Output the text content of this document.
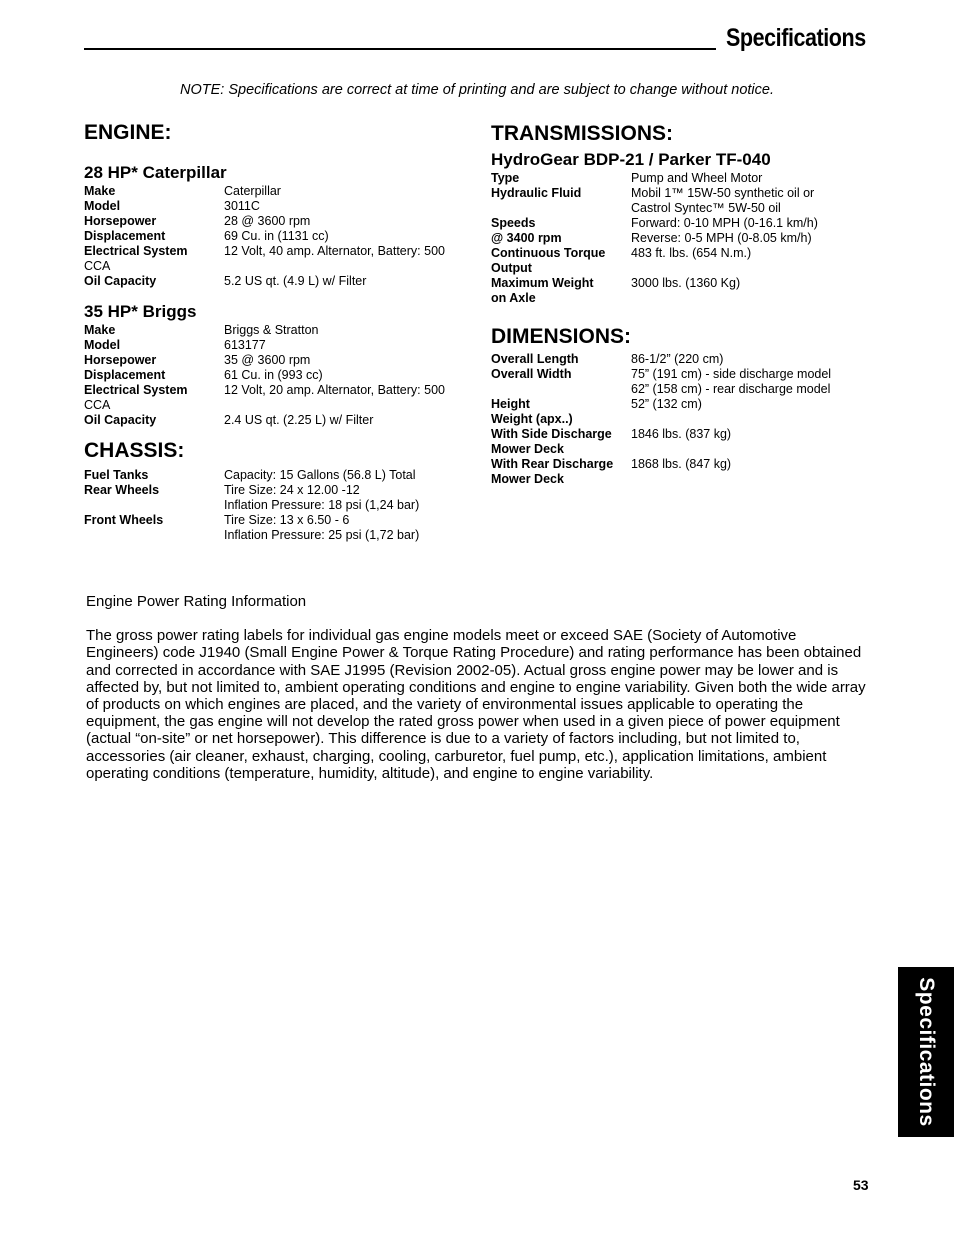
Specifications
NOTE: Specifications are correct at time of printing and are subject to change without notice.
ENGINE:
28 HP* Caterpillar
Make	Caterpillar
Model	3011C
Horsepower	28 @ 3600 rpm
Displacement	69 Cu. in (1131 cc)
Electrical System	12 Volt, 40 amp. Alternator, Battery: 500
CCA	
Oil Capacity	5.2 US qt. (4.9 L) w/ Filter
35 HP* Briggs
Make	Briggs & Stratton
Model	613177
Horsepower	35 @ 3600 rpm
Displacement	61 Cu. in (993 cc)
Electrical System	12 Volt, 20 amp. Alternator, Battery: 500
CCA	
Oil Capacity	2.4 US qt. (2.25 L) w/ Filter
CHASSIS:
Fuel Tanks	Capacity: 15 Gallons (56.8 L) Total
Rear Wheels	Tire Size: 24 x 12.00 -12
	Inflation Pressure: 18 psi (1,24 bar)
Front Wheels	Tire Size: 13 x 6.50 - 6
	Inflation Pressure: 25 psi (1,72 bar)
TRANSMISSIONS:
HydroGear BDP-21 / Parker TF-040
Type	Pump and Wheel Motor
Hydraulic Fluid	Mobil 1™ 15W-50 synthetic oil or
	Castrol Syntec™ 5W-50 oil
Speeds	Forward: 0-10 MPH (0-16.1 km/h)
@ 3400 rpm	Reverse: 0-5 MPH (0-8.05 km/h)
Continuous Torque	483 ft. lbs. (654 N.m.)
Output	
Maximum Weight	3000 lbs. (1360 Kg)
on Axle	
DIMENSIONS:
Overall Length	86-1/2” (220 cm)
Overall Width	75” (191 cm) - side discharge model
	62” (158 cm) - rear discharge model
Height	52” (132 cm)
Weight (apx..)	
With Side Discharge	1846 lbs. (837 kg)
Mower Deck	
With Rear Discharge	1868 lbs. (847 kg)
Mower Deck	

Engine Power Rating Information

The gross power rating labels for individual gas engine models meet or exceed SAE (Society of Automotive Engineers) code J1940 (Small Engine Power & Torque Rating Procedure) and rating performance has been obtained and corrected in accordance with SAE J1995 (Revision 2002-05). Actual gross engine power may be lower and is affected by, but not limited to, ambient operating conditions and engine to engine variability. Given both the wide array of products on which engines are placed, and the variety of environmental issues applicable to operating the equipment, the gas engine will not develop the rated gross power when used in a given piece of power equipment (actual “on-site” or net horsepower). This difference is due to a variety of factors including, but not limited to, accessories (air cleaner, exhaust, charging, cooling, carburetor, fuel pump, etc.), application limitations, ambient operating conditions (temperature, humidity, altitude), and engine to engine variability.

Specifications
53
